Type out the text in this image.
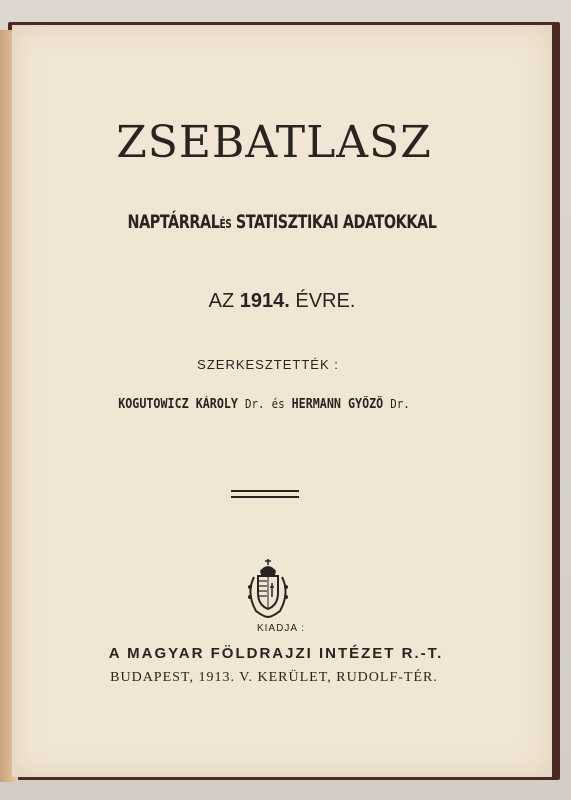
ZSEBATLASZ
NAPTÁRRALÉS STATISZTIKAI ADATOKKAL
AZ 1914. ÉVRE.
SZERKESZTETTÉK :
KOGUTOWICZ KÁROLY Dr. és HERMANN GYŐZŐ Dr.
KIADJA :
A MAGYAR FÖLDRAJZI INTÉZET R.-T.
BUDAPEST, 1913. V. KERÜLET, RUDOLF-TÉR.
